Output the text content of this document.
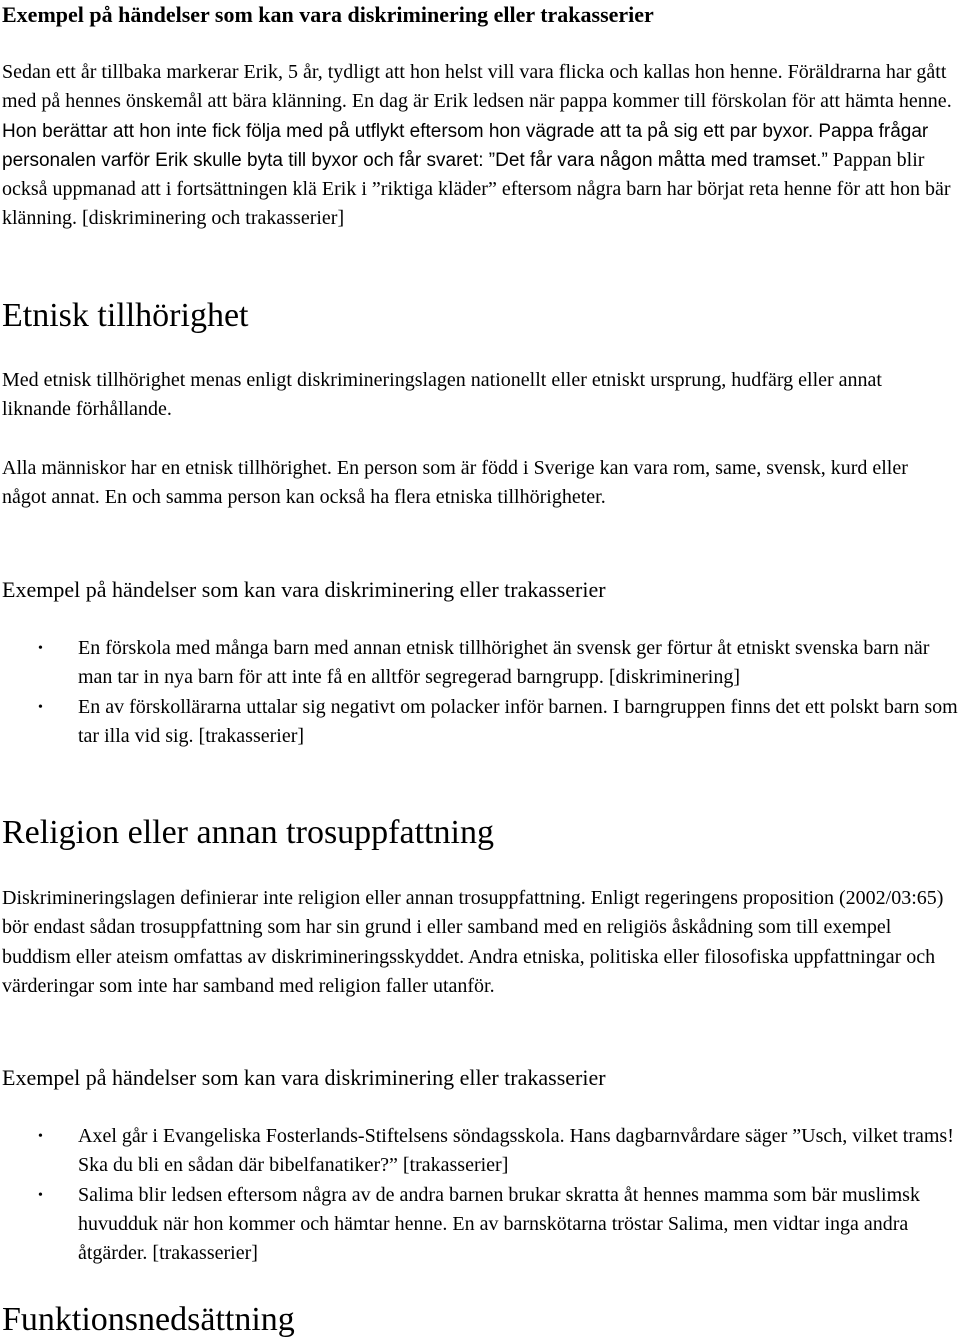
Exempel på händelser som kan vara diskriminering eller trakasserier

Sedan ett år tillbaka markerar Erik, 5 år, tydligt att hon helst vill vara flicka och kallas hon henne. Föräldrarna har gått med på hennes önskemål att bära klänning. En dag är Erik ledsen när pappa kommer till förskolan för att hämta henne. Hon berättar att hon inte fick följa med på utflykt eftersom hon vägrade att ta på sig ett par byxor. Pappa frågar personalen varför Erik skulle byta till byxor och får svaret: ”Det får vara någon måtta med tramset.” Pappan blir också uppmanad att i fortsättningen klä Erik i ”riktiga kläder” eftersom några barn har börjat reta henne för att hon bär klänning. [diskriminering och trakasserier]

Etnisk tillhörighet

Med etnisk tillhörighet menas enligt diskrimineringslagen nationellt eller etniskt ursprung, hudfärg eller annat liknande förhållande.

Alla människor har en etnisk tillhörighet. En person som är född i Sverige kan vara rom, same, svensk, kurd eller något annat. En och samma person kan också ha flera etniska tillhörigheter.

Exempel på händelser som kan vara diskriminering eller trakasserier
• En förskola med många barn med annan etnisk tillhörighet än svensk ger förtur åt etniskt svenska barn när man tar in nya barn för att inte få en alltför segregerad barngrupp. [diskriminering]
• En av förskollärarna uttalar sig negativt om polacker inför barnen. I barngruppen finns det ett polskt barn som tar illa vid sig. [trakasserier]
Religion eller annan trosuppfattning

Diskrimineringslagen definierar inte religion eller annan trosuppfattning. Enligt regeringens proposition (2002/03:65) bör endast sådan trosuppfattning som har sin grund i eller samband med en religiös åskådning som till exempel buddism eller ateism omfattas av diskrimineringsskyddet. Andra etniska, politiska eller filosofiska uppfattningar och värderingar som inte har samband med religion faller utanför.

Exempel på händelser som kan vara diskriminering eller trakasserier
• Axel går i Evangeliska Fosterlands-Stiftelsens söndagsskola. Hans dagbarnvårdare säger ”Usch, vilket trams! Ska du bli en sådan där bibelfanatiker?” [trakasserier]
• Salima blir ledsen eftersom några av de andra barnen brukar skratta åt hennes mamma som bär muslimsk huvudduk när hon kommer och hämtar henne. En av barnskötarna tröstar Salima, men vidtar inga andra åtgärder. [trakasserier]
Funktionsnedsättning
